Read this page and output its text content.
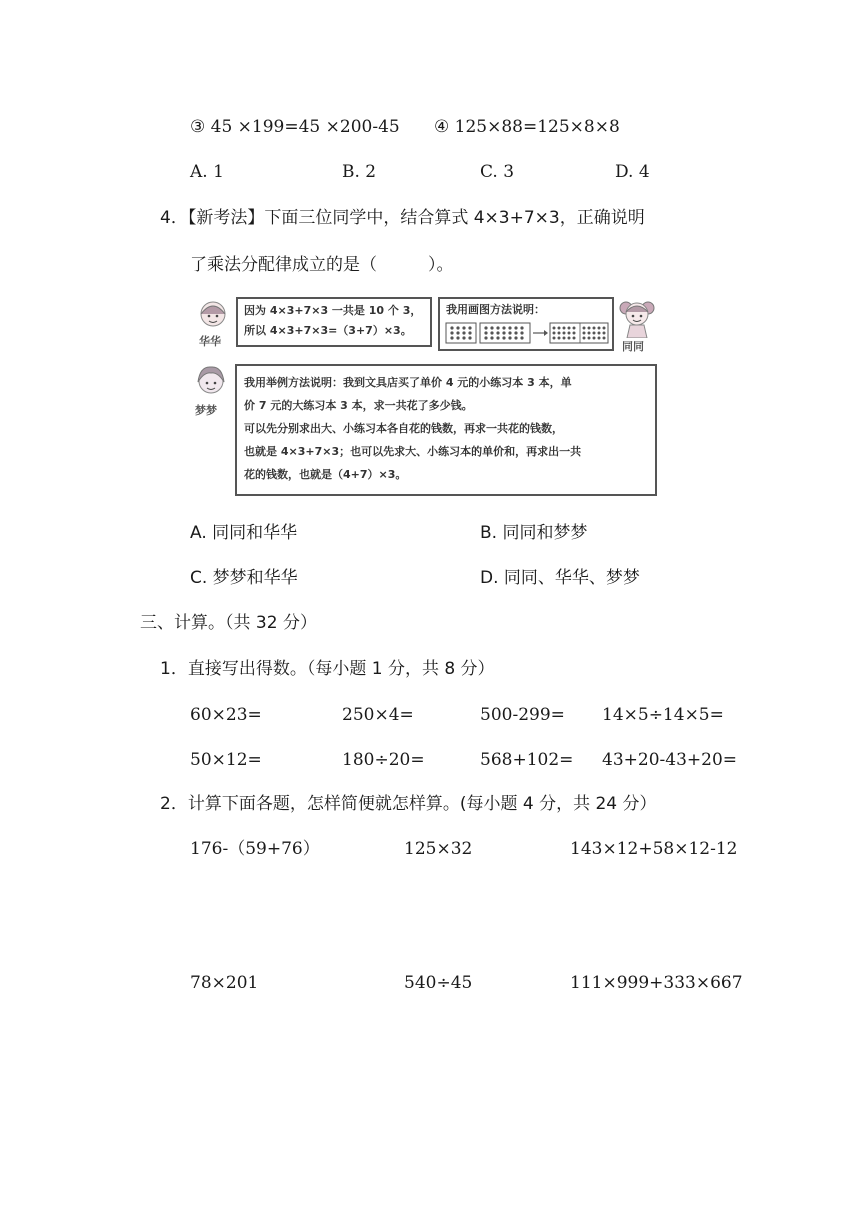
③ 45 ×199=45 ×200-45 ④ 125×88=125×8×8
A. 1	B. 2	C. 3	D. 4
4．【新考法】下面三位同学中，结合算式 4×3+7×3，正确说明
了乘法分配律成立的是（　　　）。
华华
因为 4×3+7×3 一共是 10 个 3，
所以 4×3+7×3=（3+7）×3。
我用画图方法说明：
同同
梦梦
我用举例方法说明：我到文具店买了单价 4 元的小练习本 3 本，单
价 7 元的大练习本 3 本，求一共花了多少钱。
可以先分别求出大、小练习本各自花的钱数，再求一共花的钱数，
也就是 4×3+7×3；也可以先求大、小练习本的单价和，再求出一共
花的钱数，也就是（4+7）×3。
A. 同同和华华	B. 同同和梦梦
C. 梦梦和华华	D. 同同、华华、梦梦
三、计算。（共 32 分）
1．直接写出得数。（每小题 1 分，共 8 分）
60×23=	250×4=	500-299= 14×5÷14×5=
50×12=	180÷20=	568+102= 43+20-43+20=
2．计算下面各题，怎样简便就怎样算。(每小题 4 分，共 24 分）
176-（59+76）	125×32	143×12+58×12-12
78×201	540÷45	111×999+333×667
